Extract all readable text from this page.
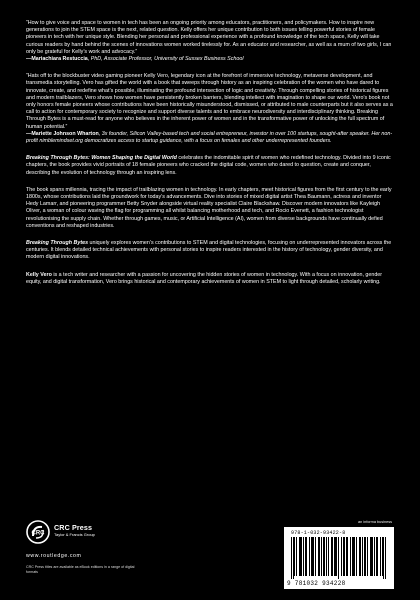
“How to give voice and space to women in tech has been an ongoing priority among educators, practitioners, and policymakers. How to inspire new generations to join the STEM space is the next, related question. Kelly offers her unique contribution to both issues telling powerful stories of female pioneers in tech with her unique style. Blending her personal and professional experience with a profound knowledge of the tech space, Kelly will take curious readers by hand behind the scenes of innovations women worked tirelessly for. As an educator and researcher, as well as a mum of two girls, I can only be grateful for Kelly’s work and advocacy.”
—Mariachiara Restuccia, PhD, Associate Professor, University of Sussex Business School

“Hats off to the blockbuster video gaming pioneer Kelly Vero, legendary icon at the forefront of immersive technology, metaverse development, and transmedia storytelling. Vero has gifted the world with a book that sweeps through history as an inspiring celebration of the women who have dared to innovate, create, and redefine what’s possible, illuminating the profound intersection of logic and creativity. Through compelling stories of historical figures and modern trailblazers, Vero shows how women have persistently broken barriers, blending intellect with imagination to shape our world. Vero’s book not only honors female pioneers whose contributions have been historically misunderstood, dismissed, or attributed to male counterparts but it also serves as a call to action for contemporary society to recognize and support diverse talents and to embrace neurodiversity and interdisciplinary thinking. Breaking Through Bytes is a must-read for anyone who believes in the inherent power of women and in the transformative power of unlocking the full spectrum of human potential.”
—Mariette Johnson Wharton, 3x founder, Silicon Valley-based tech and social entrepreneur, investor in over 100 startups, sought-after speaker. Her non-profit nimblemindset.org democratizes access to startup guidance, with a focus on females and other underrepresented founders.

Breaking Through Bytes: Women Shaping the Digital World celebrates the indomitable spirit of women who redefined technology. Divided into 9 iconic chapters, the book provides vivid portraits of 18 female pioneers who cracked the digital code, women who dared to question, create and conquer, describing the evolution of technology through an inspiring lens.

The book spans millennia, tracing the impact of trailblazing women in technology. In early chapters, meet historical figures from the first century to the early 1800s, whose contributions laid the groundwork for today’s advancements. Dive into stories of mixed digital artist Thea Baumann, actress and inventor Hedy Lamarr, and pioneering programmer Betty Snyder alongside virtual reality specialist Claire Blackshaw. Discover modern innovators like Kayleigh Oliver, a woman of colour waving the flag for programming all whilst balancing motherhood and tech, and Rocio Evenett, a fashion technologist revolutionising the supply chain. Whether through games, music, or Artificial Intelligence (AI), women from diverse backgrounds have continually defied conventions and reshaped industries.

Breaking Through Bytes uniquely explores women’s contributions to STEM and digital technologies, focusing on underrepresented innovators across the centuries. It blends detailed technical achievements with personal stories to inspire readers interested in the history of technology, gender diversity, and modern digital innovations.

Kelly Vero is a tech writer and researcher with a passion for uncovering the hidden stories of women in technology. With a focus on innovation, gender equity, and digital transformation, Vero brings historical and contemporary achievements of women in STEM to light through detailed, scholarly writing.

CRC
CRC Press
Taylor & Francis Group
www.routledge.com
CRC Press titles are available as eBook editions in a range of digital formats
an informa business
978-1-032-93422-8
9 781032 934228
